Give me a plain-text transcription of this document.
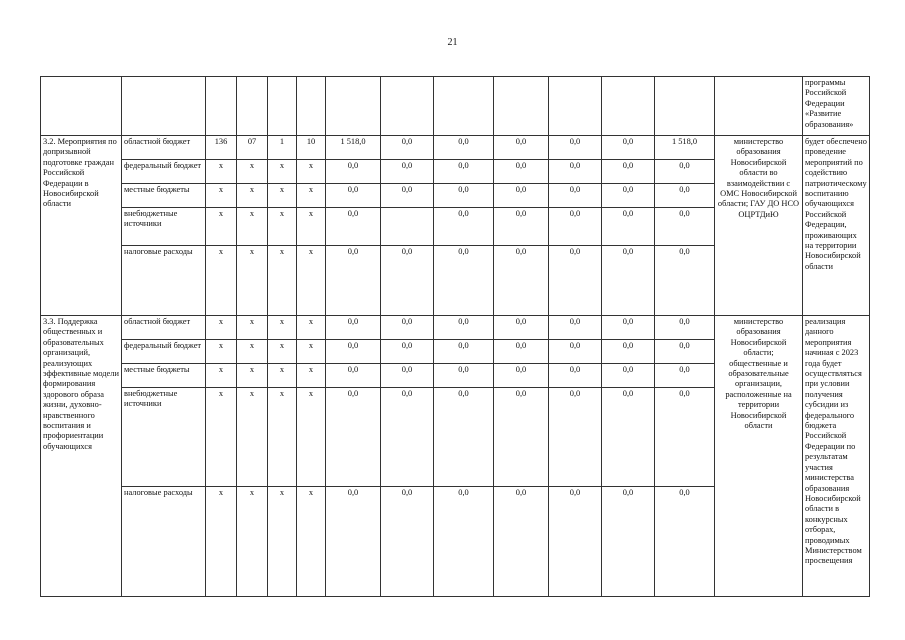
21
														программы Российской Федерации «Развитие образования»
3.2. Мероприятия по допризывной подготовке граждан Российской Федерации в Новосибирской области	областной бюджет	136	07	1	10	1 518,0	0,0	0,0	0,0	0,0	0,0	1 518,0	министерство образования Новосибирской области во взаимодействии с ОМС Новосибирской области; ГАУ ДО НСО ОЦРТДиЮ	будет обеспечено проведение мероприятий по содействию патриотическому воспитанию обучающихся Российской Федерации, проживающих на территории Новосибирской области
	федеральный бюджет	х	х	х	х	0,0	0,0	0,0	0,0	0,0	0,0	0,0		
	местные бюджеты	х	х	х	х	0,0	0,0	0,0	0,0	0,0	0,0	0,0		
	внебюджетные источники	х	х	х	х	0,0		0,0	0,0	0,0	0,0	0,0		
	налоговые расходы	х	х	х	х	0,0	0,0	0,0	0,0	0,0	0,0	0,0		
3.3. Поддержка общественных и образовательных организаций, реализующих эффективные модели формирования здорового образа жизни, духовно-нравственного воспитания и профориентации обучающихся	областной бюджет	х	х	х	х	0,0	0,0	0,0	0,0	0,0	0,0	0,0	министерство образования Новосибирской области; общественные и образовательные организации, расположенные на территории Новосибирской области	реализация данного мероприятия начиная с 2023 года будет осуществляться при условии получения субсидии из федерального бюджета Российской Федерации по результатам участия министерства образования Новосибирской области в конкурсных отборах, проводимых Министерством просвещения
	федеральный бюджет	х	х	х	х	0,0	0,0	0,0	0,0	0,0	0,0	0,0		
	местные бюджеты	х	х	х	х	0,0	0,0	0,0	0,0	0,0	0,0	0,0		
	внебюджетные источники	х	х	х	х	0,0	0,0	0,0	0,0	0,0	0,0	0,0		
	налоговые расходы	х	х	х	х	0,0	0,0	0,0	0,0	0,0	0,0	0,0		
